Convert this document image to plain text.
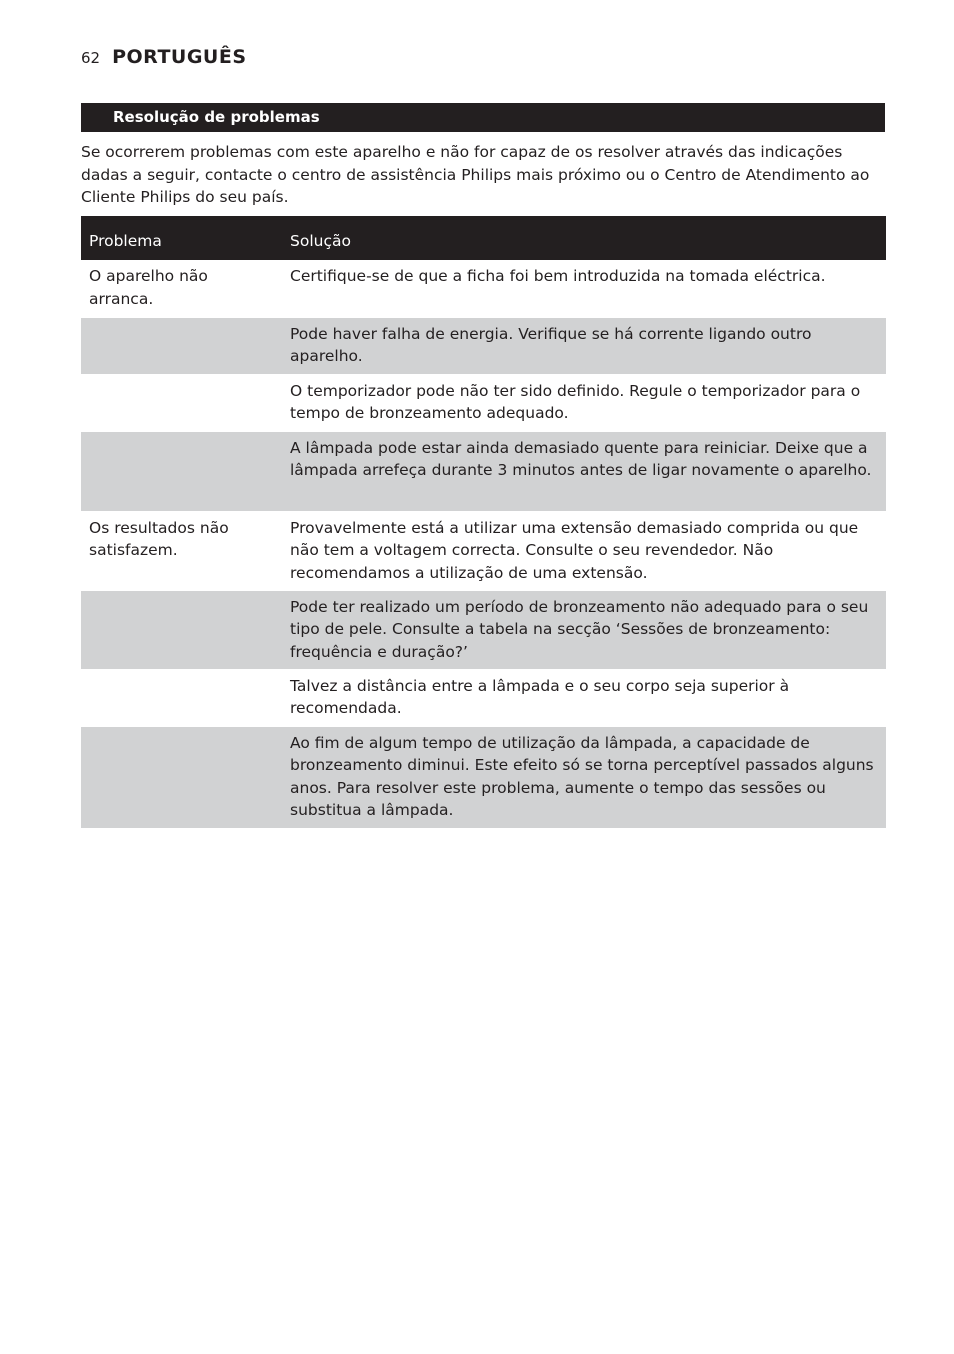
62 PORTUGUÊS
Resolução de problemas

Se ocorrerem problemas com este aparelho e não for capaz de os resolver através das indicações dadas a seguir, contacte o centro de assistência Philips mais próximo ou o Centro de Atendimento ao Cliente Philips do seu país.

Problema	Solução
O aparelho não arranca.	Certifique-se de que a ficha foi bem introduzida na tomada eléctrica.
	Pode haver falha de energia. Verifique se há corrente ligando outro aparelho.
	O temporizador pode não ter sido definido. Regule o temporizador para o tempo de bronzeamento adequado.
	A lâmpada pode estar ainda demasiado quente para reiniciar. Deixe que a lâmpada arrefeça durante 3 minutos antes de ligar novamente o aparelho.
Os resultados não satisfazem.	Provavelmente está a utilizar uma extensão demasiado comprida ou que não tem a voltagem correcta. Consulte o seu revendedor. Não recomendamos a utilização de uma extensão.
	Pode ter realizado um período de bronzeamento não adequado para o seu tipo de pele. Consulte a tabela na secção ‘Sessões de bronzeamento: frequência e duração?’
	Talvez a distância entre a lâmpada e o seu corpo seja superior à recomendada.
	Ao fim de algum tempo de utilização da lâmpada, a capacidade de bronzeamento diminui. Este efeito só se torna perceptível passados alguns anos. Para resolver este problema, aumente o tempo das sessões ou substitua a lâmpada.
